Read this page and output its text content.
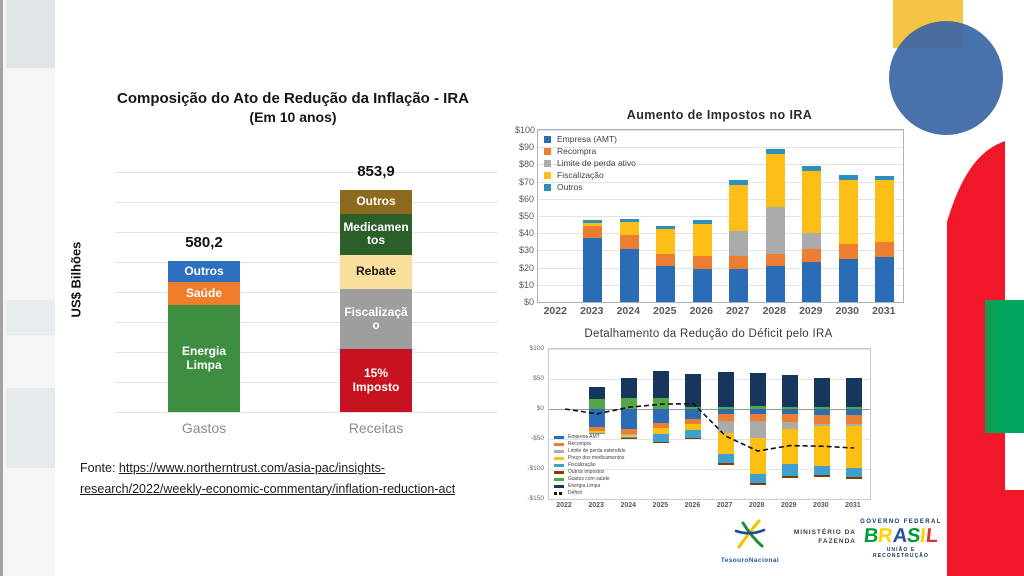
Composição do Ato de Redução da Inflação - IRA
(Em 10 anos)
US$ Bilhões	Outros
Saúde
Energia Limpa
580,2
Gastos
Outros
Medicamentos
Rebate
Fiscalização
15% Imposto
853,9
Receitas
Fonte: https://www.northerntrust.com/asia-pac/insights-
research/2022/weekly-economic-commentary/inflation-reduction-act
Aumento de Impostos no IRA
Empresa (AMT)
Recompra
Limite de perda ativo
Fiscalização
Outros
$100
$90
$80
$70
$60
$50
$40
$30
$20
$10
$0
2022	2023	2024	2025	2026	2027	2028	2029	2030	2031
Detalhamento da Redução do Déficit pelo IRA
Empresa AMT
Recompra
Limite de perda estendido
Preço dos medicamentos
Fiscalização
Outros impostos
Gastos com saúde
Energia Limpa
Déficit
$100
$50
$0
-$50
-$100
-$150
2022	2023	2024	2025	2026	2027	2028	2029	2030	2031
TesouroNacional
MINISTÉRIO DA
FAZENDA
GOVERNO FEDERAL
BRASIL
UNIÃO E RECONSTRUÇÃO
